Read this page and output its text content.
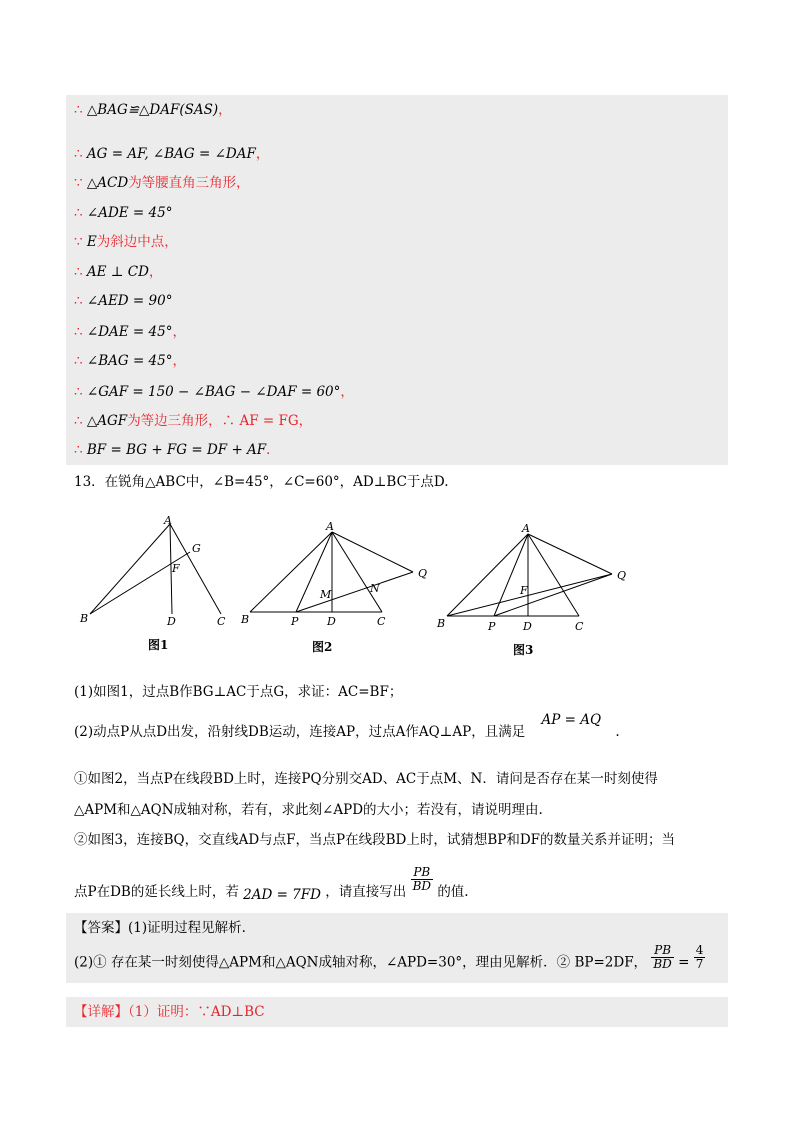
∴ △BAG≌△DAF(SAS)，
∴ AG = AF, ∠BAG = ∠DAF，
∵ △ACD为等腰直角三角形，
∴ ∠ADE = 45°
∵ E为斜边中点，
∴ AE ⊥ CD，
∴ ∠AED = 90°
∴ ∠DAE = 45°，
∴ ∠BAG = 45°，
∴ ∠GAF = 150 − ∠BAG − ∠DAF = 60°，
∴ △AGF为等边三角形，∴ AF = FG，
∴ BF = BG + FG = DF + AF．
13．在锐角△ABC中，∠B=45°，∠C=60°，AD⊥BC于点D.
A
G
F
B	D	C
图1
A
Q
M	N
B	P	D	C
图2
A
Q
F
B	P	D	C
图3
(1)如图1，过点B作BG⊥AC于点G，求证：AC=BF；
(2)动点P从点D出发，沿射线DB运动，连接AP，过点A作AQ⊥AP，且满足 AP = AQ .
①如图2，当点P在线段BD上时，连接PQ分别交AD、AC于点M、N．请问是否存在某一时刻使得
△APM和△AQN成轴对称，若有，求此刻∠APD的大小；若没有，请说明理由.
②如图3，连接BQ，交直线AD与点F，当点P在线段BD上时，试猜想BP和DF的数量关系并证明；当
点P在DB的延长线上时，若 2AD = 7FD ，请直接写出 $\frac{PB}{BD}$ 的值.
【答案】(1)证明过程见解析.
(2)① 存在某一时刻使得△APM和△AQN成轴对称，∠APD=30°，理由见解析．② BP=2DF， $\frac{PB}{BD} = \frac{4}{7}$
【详解】（1）证明：∵AD⊥BC
